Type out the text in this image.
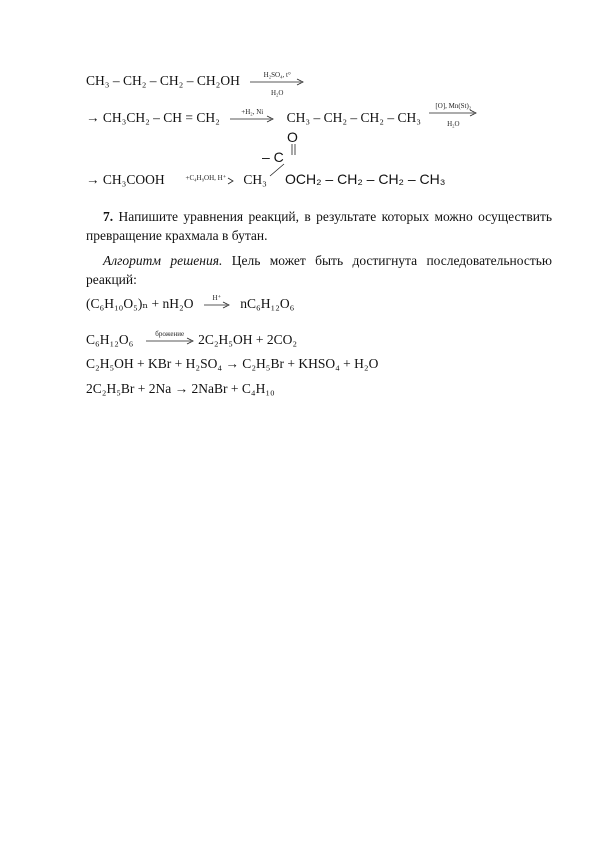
CH₃ – CH₂ – CH₂ – CH₂OH	H₂SO₄, t°
H₂O
→ CH₃CH₂ – CH = CH₂	+H₂, Ni	CH₃ – CH₂ – CH₂ – CH₃
[O], Mn(St)₂
H₂O
O
– C
→ CH₃COOH	+C₄H₉OH, H⁺	CH₃ OCH₂ – CH₂ – CH₂ – CH₃
7. Напишите уравнения реакций, в результате которых можно осуществить превращение крахмала в бутан.
Алгоритм решения. Цель может быть достигнута последовательностью реакций:
(C₆H₁₀O₅)ₙ + nH₂O	H⁺	nC₆H₁₂O₆
C₆H₁₂O₆	брожение	2C₂H₅OH + 2CO₂
C₂H₅OH + KBr + H₂SO₄ → C₂H₅Br + KHSO₄ + H₂O
2C₂H₅Br + 2Na → 2NaBr + C₄H₁₀
